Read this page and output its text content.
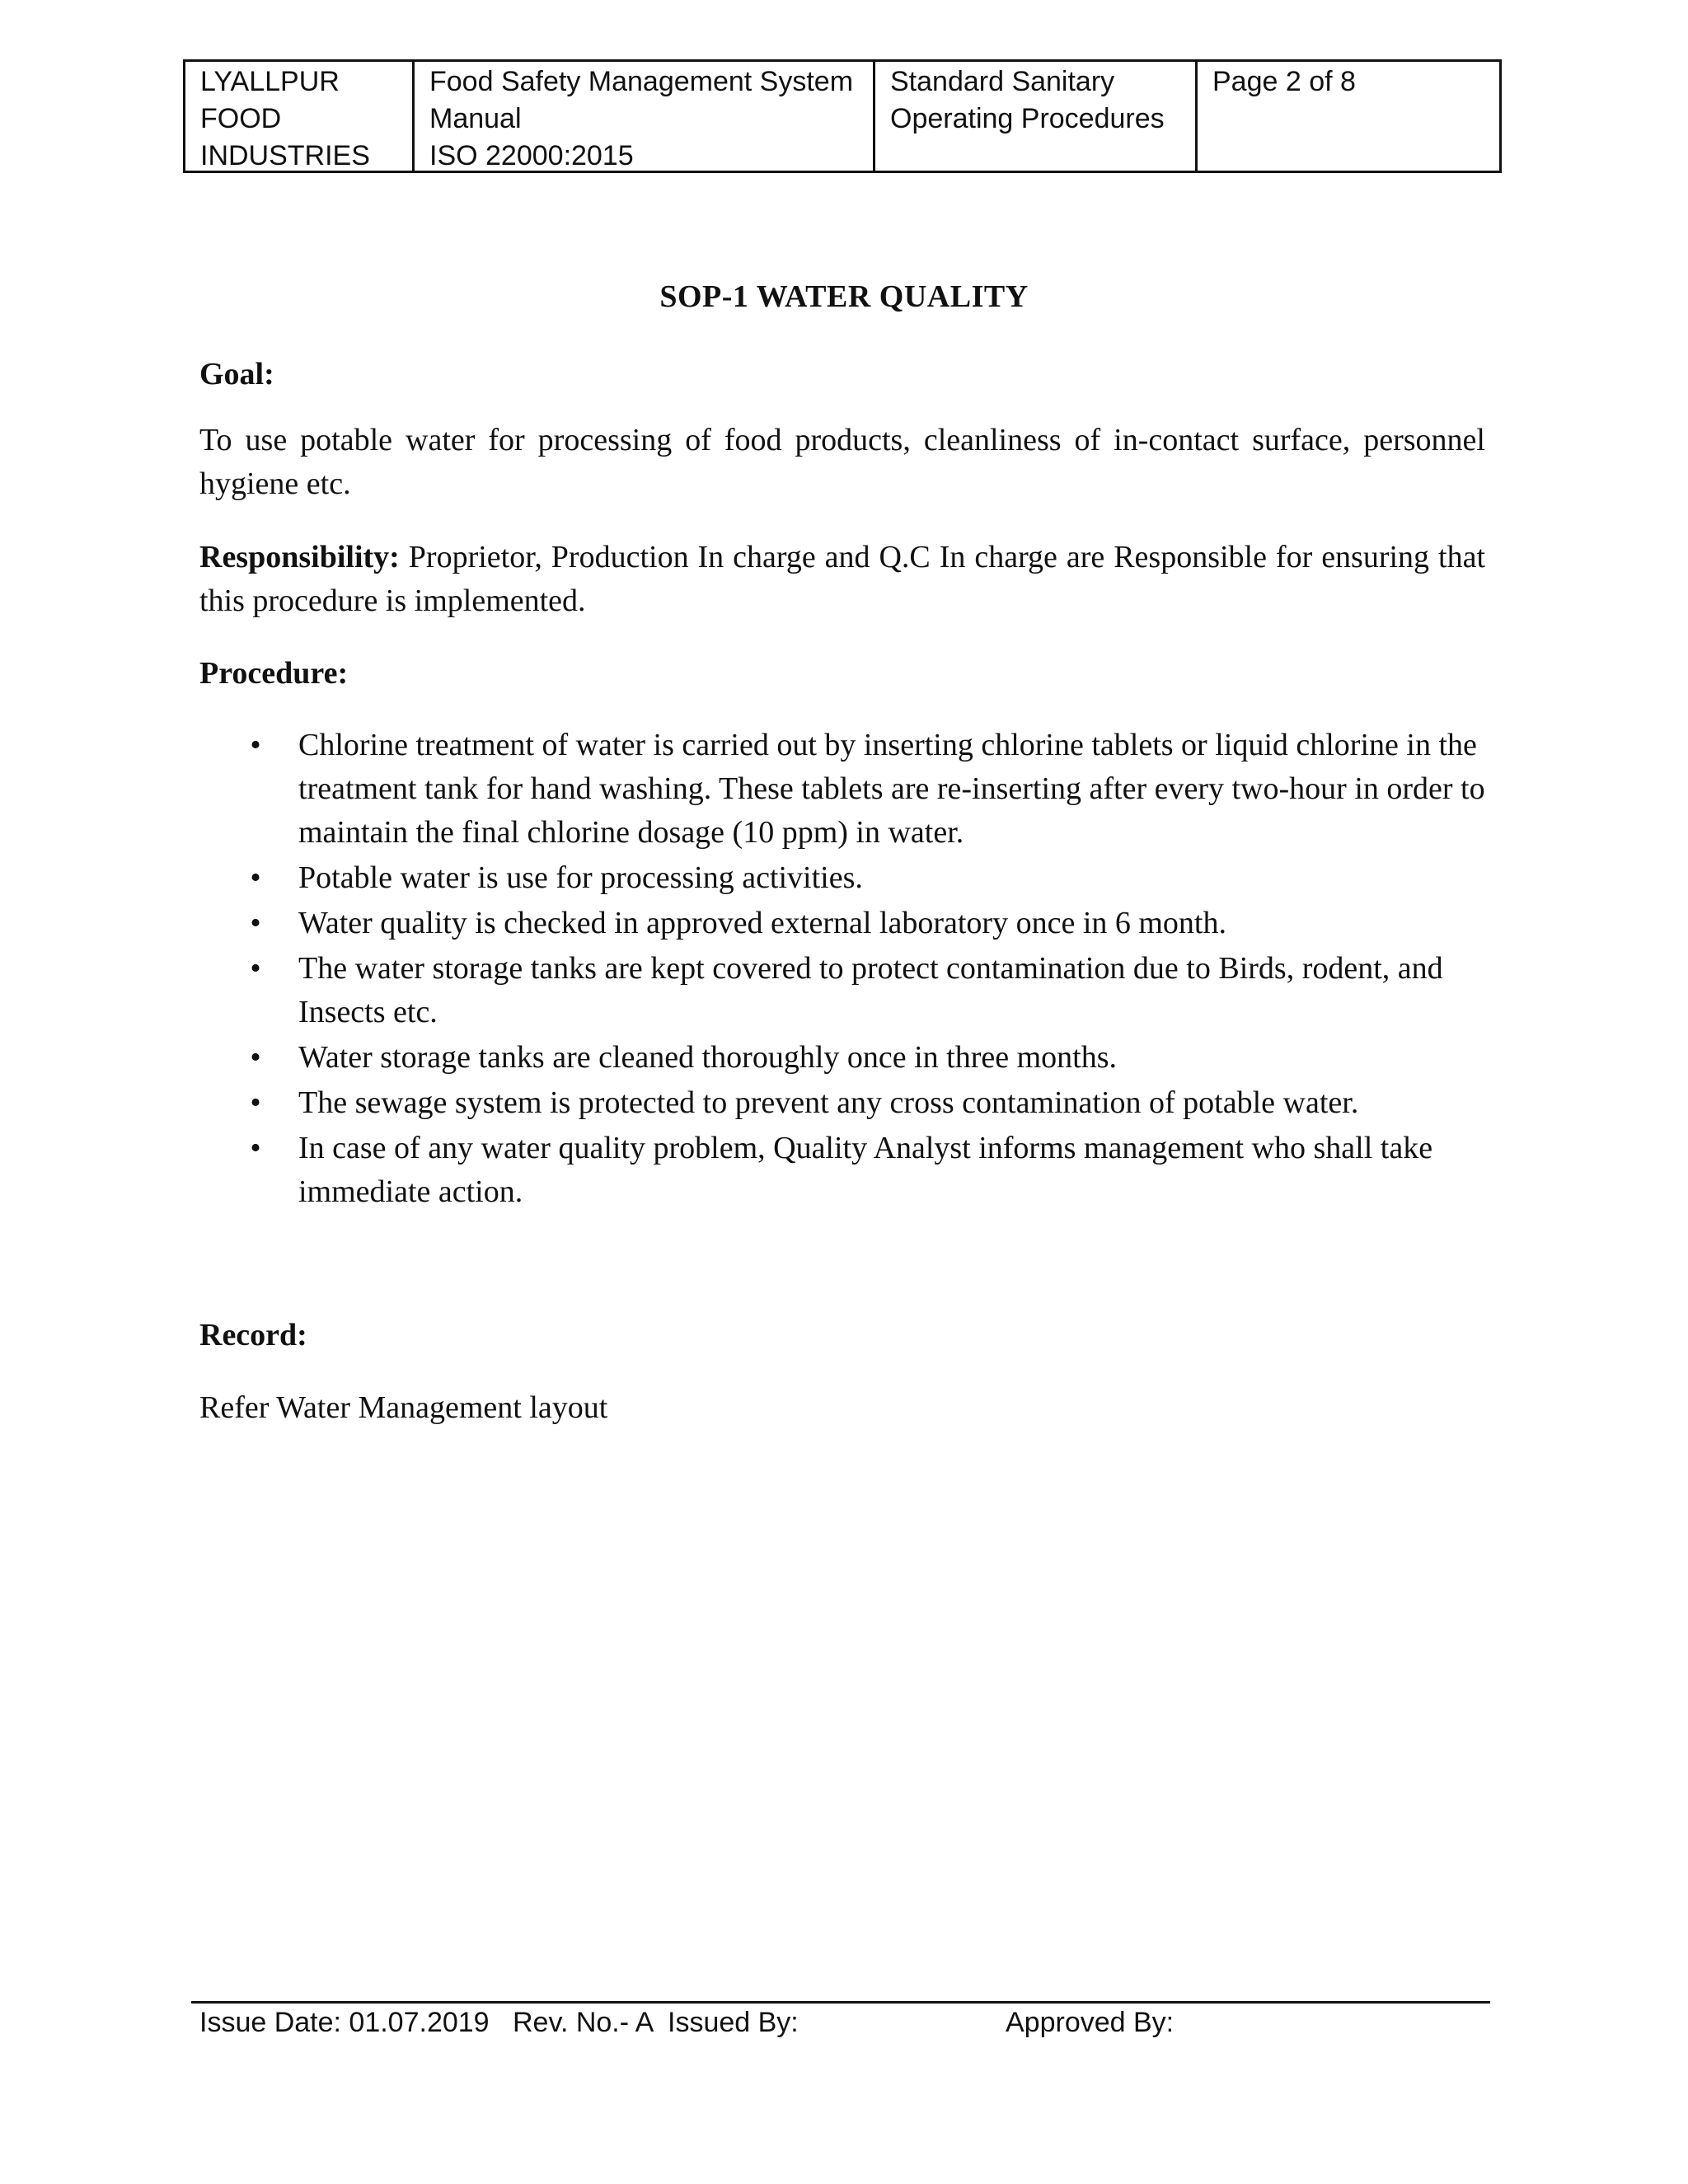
LYALLPUR
FOOD
INDUSTRIES
Food Safety Management System
Manual
ISO 22000:2015
Standard Sanitary
Operating Procedures
Page 2 of 8
SOP-1 WATER QUALITY
Goal:
To use potable water for processing of food products, cleanliness of in-contact surface, personnel hygiene etc.
Responsibility: Proprietor, Production In charge and Q.C In charge are Responsible for ensuring that this procedure is implemented.
Procedure:
• Chlorine treatment of water is carried out by inserting chlorine tablets or liquid chlorine in the treatment tank for hand washing. These tablets are re-inserting after every two-hour in order to maintain the final chlorine dosage (10 ppm) in water.
• Potable water is use for processing activities.
• Water quality is checked in approved external laboratory once in 6 month.
• The water storage tanks are kept covered to protect contamination due to Birds, rodent, and Insects etc.
• Water storage tanks are cleaned thoroughly once in three months.
• The sewage system is protected to prevent any cross contamination of potable water.
• In case of any water quality problem, Quality Analyst informs management who shall take immediate action.
Record:
Refer Water Management layout
Issue Date: 01.07.2019 Rev. No.- A Issued By:	Approved By:
